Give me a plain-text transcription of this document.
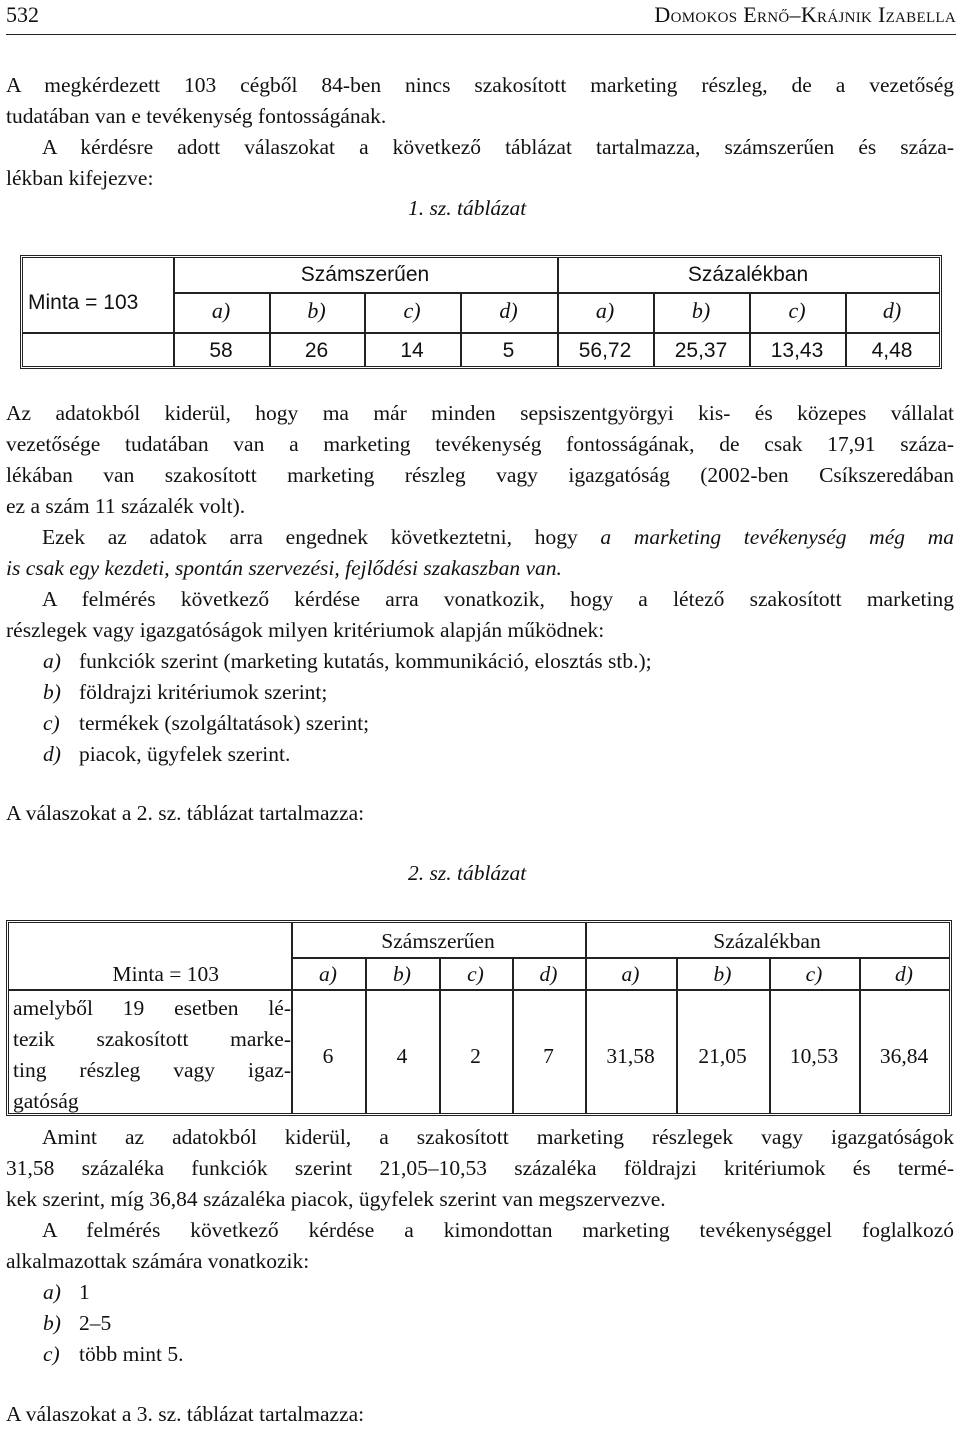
532	Domokos Ernő–Krájnik Izabella
A megkérdezett 103 cégből 84-ben nincs szakosított marketing részleg, de a vezetőség
tudatában van e tevékenység fontosságának.
A kérdésre adott válaszokat a következő táblázat tartalmazza, számszerűen és száza-
lékban kifejezve:
1. sz. táblázat
Minta = 103
Számszerűen	Százalékban
a)	b)	c)	d)	a)	b)	c)	d)
58	26	14	5	56,72	25,37	13,43	4,48
Az adatokból kiderül, hogy ma már minden sepsiszentgyörgyi kis- és közepes vállalat
vezetősége tudatában van a marketing tevékenység fontosságának, de csak 17,91 száza-
lékában van szakosított marketing részleg vagy igazgatóság (2002-ben Csíkszeredában
ez a szám 11 százalék volt).
Ezek az adatok arra engednek következtetni, hogy a marketing tevékenység még ma
is csak egy kezdeti, spontán szervezési, fejlődési szakaszban van.
A felmérés következő kérdése arra vonatkozik, hogy a létező szakosított marketing
részlegek vagy igazgatóságok milyen kritériumok alapján működnek:
a) funkciók szerint (marketing kutatás, kommunikáció, elosztás stb.);
b) földrajzi kritériumok szerint;
c) termékek (szolgáltatások) szerint;
d) piacok, ügyfelek szerint.
A válaszokat a 2. sz. táblázat tartalmazza:
2. sz. táblázat
Számszerűen	Százalékban
Minta = 103	a)	b)	c)	d)	a)	b)	c)	d)
amelyből 19 esetben lé-
tezik szakosított marke-
ting részleg vagy igaz-
gatóság
6	4	2	7	31,58	21,05	10,53	36,84
Amint az adatokból kiderül, a szakosított marketing részlegek vagy igazgatóságok
31,58 százaléka funkciók szerint 21,05–10,53 százaléka földrajzi kritériumok és termé-
kek szerint, míg 36,84 százaléka piacok, ügyfelek szerint van megszervezve.
A felmérés következő kérdése a kimondottan marketing tevékenységgel foglalkozó
alkalmazottak számára vonatkozik:
a) 1
b) 2–5
c) több mint 5.
A válaszokat a 3. sz. táblázat tartalmazza:
